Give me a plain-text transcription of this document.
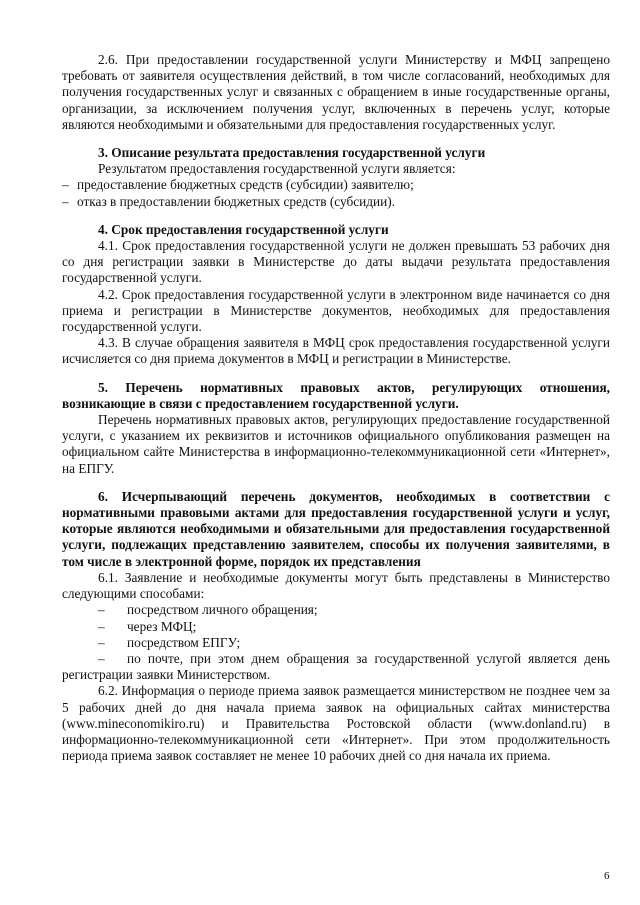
2.6. При предоставлении государственной услуги Министерству и МФЦ запрещено требовать от заявителя осуществления действий, в том числе согласований, необходимых для получения государственных услуг и связанных с обращением в иные государственные органы, организации, за исключением получения услуг, включенных в перечень услуг, которые являются необходимыми и обязательными для предоставления государственных услуг.

3. Описание результата предоставления государственной услуги

Результатом предоставления государственной услуги является:

– предоставление бюджетных средств (субсидии) заявителю;

– отказ в предоставлении бюджетных средств (субсидии).

4. Срок предоставления государственной услуги

4.1. Срок предоставления государственной услуги не должен превышать 53 рабочих дня со дня регистрации заявки в Министерстве до даты выдачи результата предоставления государственной услуги.

4.2. Срок предоставления государственной услуги в электронном виде начинается со дня приема и регистрации в Министерстве документов, необходимых для предоставления государственной услуги.

4.3. В случае обращения заявителя в МФЦ срок предоставления государственной услуги исчисляется со дня приема документов в МФЦ и регистрации в Министерстве.

5. Перечень нормативных правовых актов, регулирующих отношения, возникающие в связи с предоставлением государственной услуги.

Перечень нормативных правовых актов, регулирующих предоставление государственной услуги, с указанием их реквизитов и источников официального опубликования размещен на официальном сайте Министерства в информационно-телекоммуникационной сети «Интернет», на ЕПГУ.

6. Исчерпывающий перечень документов, необходимых в соответствии с нормативными правовыми актами для предоставления государственной услуги и услуг, которые являются необходимыми и обязательными для предоставления государственной услуги, подлежащих представлению заявителем, способы их получения заявителями, в том числе в электронной форме, порядок их представления

6.1. Заявление и необходимые документы могут быть представлены в Министерство следующими способами:

– посредством личного обращения;

– через МФЦ;

– посредством ЕПГУ;

– по почте, при этом днем обращения за государственной услугой является день регистрации заявки Министерством.

6.2. Информация о периоде приема заявок размещается министерством не позднее чем за 5 рабочих дней до дня начала приема заявок на официальных сайтах министерства (www.mineconomikiro.ru) и Правительства Ростовской области (www.donland.ru) в информационно-телекоммуникационной сети «Интернет». При этом продолжительность периода приема заявок составляет не менее 10 рабочих дней со дня начала их приема.

6
